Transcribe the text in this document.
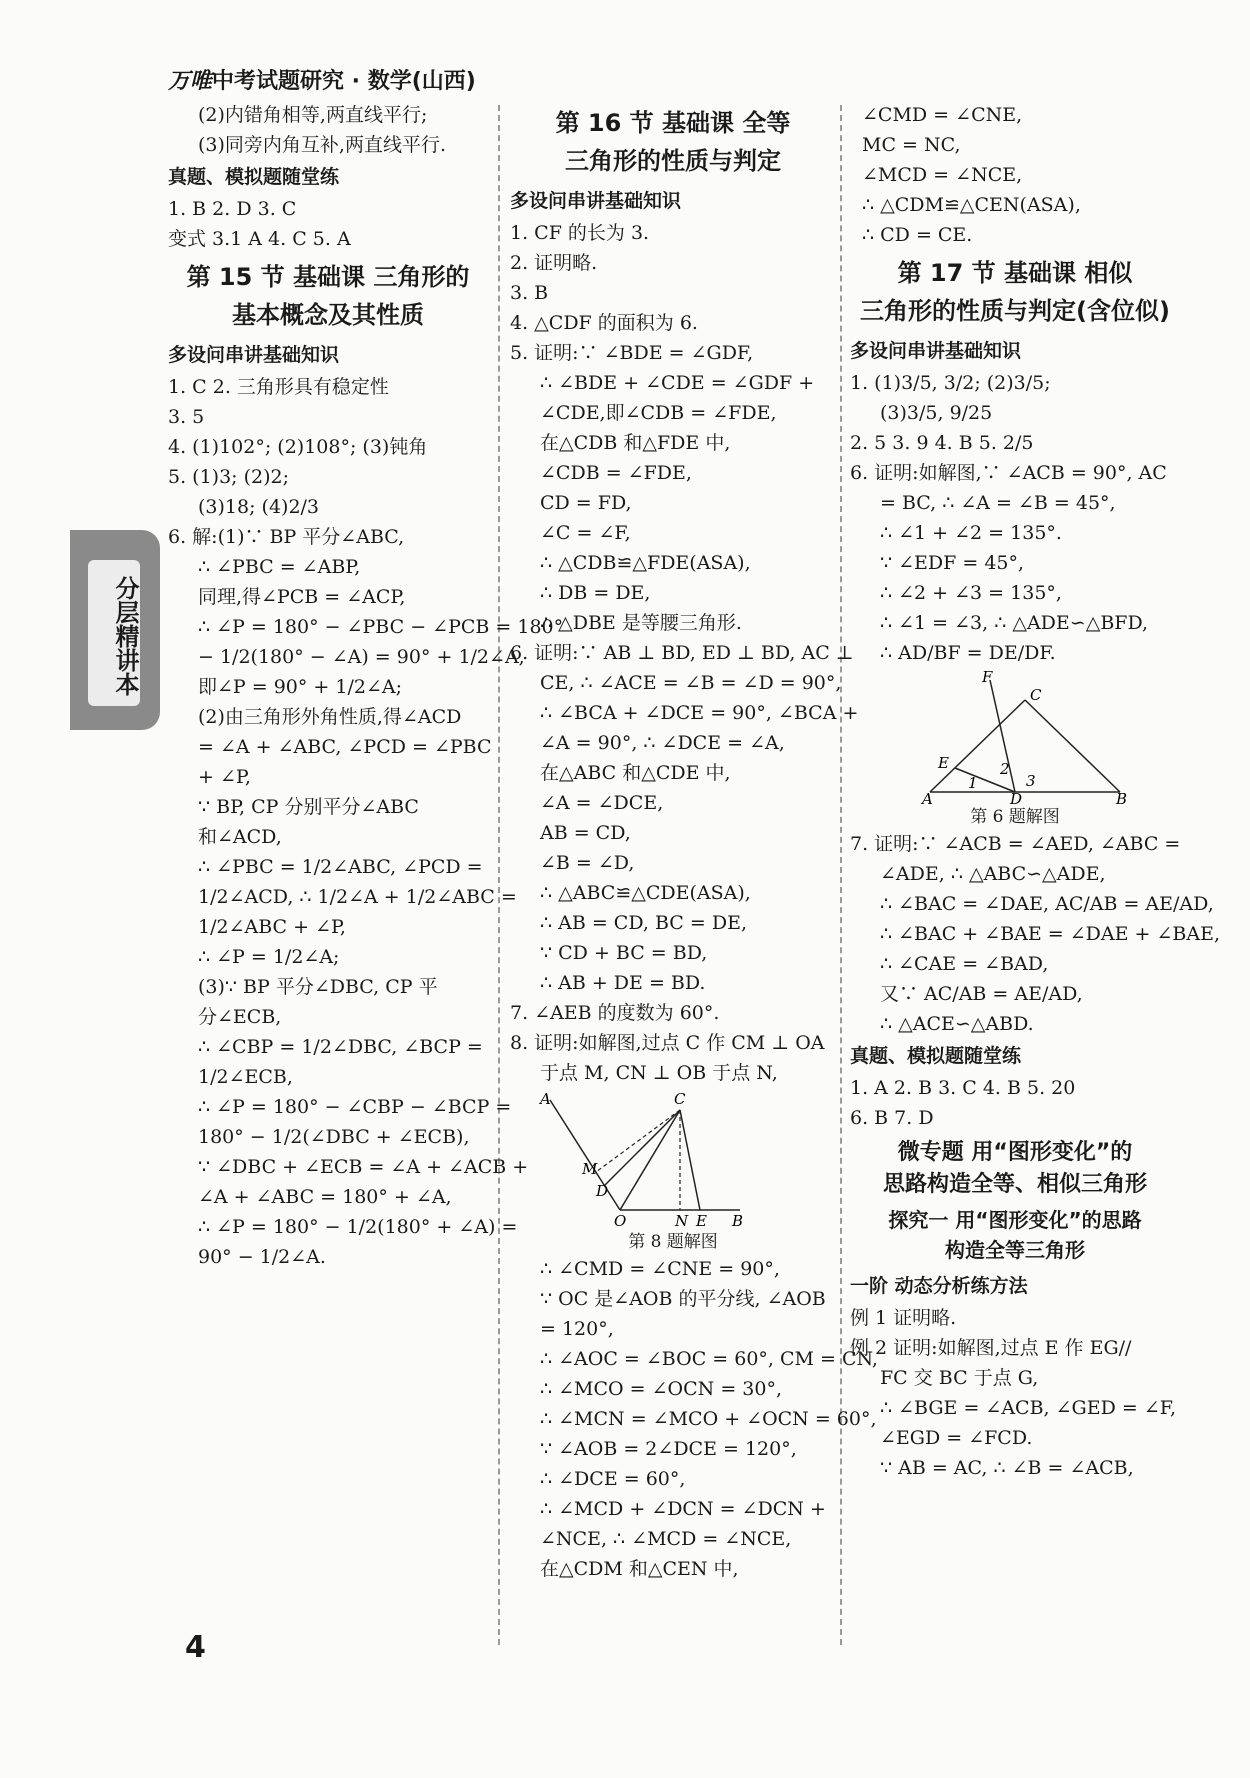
万唯中考试题研究 · 数学(山西)
分层精讲本
(2)内错角相等,两直线平行;
(3)同旁内角互补,两直线平行.
真题、模拟题随堂练
1. B 2. D 3. C
变式 3.1 A 4. C 5. A
第 15 节 基础课 三角形的
基本概念及其性质
多设问串讲基础知识
1. C 2. 三角形具有稳定性
3. 5
4. (1)102°; (2)108°; (3)钝角
5. (1)3; (2)2;
(3)18; (4)2/3
6. 解:(1)∵ BP 平分∠ABC,
∴ ∠PBC = ∠ABP,
同理,得∠PCB = ∠ACP,
∴ ∠P = 180° − ∠PBC − ∠PCB = 180°
− 1/2(180° − ∠A) = 90° + 1/2∠A,
即∠P = 90° + 1/2∠A;
(2)由三角形外角性质,得∠ACD
= ∠A + ∠ABC, ∠PCD = ∠PBC
+ ∠P,
∵ BP, CP 分别平分∠ABC
和∠ACD,
∴ ∠PBC = 1/2∠ABC, ∠PCD =
1/2∠ACD, ∴ 1/2∠A + 1/2∠ABC =
1/2∠ABC + ∠P,
∴ ∠P = 1/2∠A;
(3)∵ BP 平分∠DBC, CP 平
分∠ECB,
∴ ∠CBP = 1/2∠DBC, ∠BCP =
1/2∠ECB,
∴ ∠P = 180° − ∠CBP − ∠BCP =
180° − 1/2(∠DBC + ∠ECB),
∵ ∠DBC + ∠ECB = ∠A + ∠ACB +
∠A + ∠ABC = 180° + ∠A,
∴ ∠P = 180° − 1/2(180° + ∠A) =
90° − 1/2∠A.
第 16 节 基础课 全等
三角形的性质与判定
多设问串讲基础知识
1. CF 的长为 3.
2. 证明略.
3. B
4. △CDF 的面积为 6.
5. 证明:∵ ∠BDE = ∠GDF,
∴ ∠BDE + ∠CDE = ∠GDF +
∠CDE,即∠CDB = ∠FDE,
在△CDB 和△FDE 中,
∠CDB = ∠FDE,
CD = FD,
∠C = ∠F,
∴ △CDB≌△FDE(ASA),
∴ DB = DE,
∴ △DBE 是等腰三角形.
6. 证明:∵ AB ⊥ BD, ED ⊥ BD, AC ⊥
CE, ∴ ∠ACE = ∠B = ∠D = 90°,
∴ ∠BCA + ∠DCE = 90°, ∠BCA +
∠A = 90°, ∴ ∠DCE = ∠A,
在△ABC 和△CDE 中,
∠A = ∠DCE,
AB = CD,
∠B = ∠D,
∴ △ABC≌△CDE(ASA),
∴ AB = CD, BC = DE,
∵ CD + BC = BD,
∴ AB + DE = BD.
7. ∠AEB 的度数为 60°.
8. 证明:如解图,过点 C 作 CM ⊥ OA
于点 M, CN ⊥ OB 于点 N,
A	C
M
D
O	N E B
第 8 题解图
∴ ∠CMD = ∠CNE = 90°,
∵ OC 是∠AOB 的平分线, ∠AOB
= 120°,
∴ ∠AOC = ∠BOC = 60°, CM = CN,
∴ ∠MCO = ∠OCN = 30°,
∴ ∠MCN = ∠MCO + ∠OCN = 60°,
∵ ∠AOB = 2∠DCE = 120°,
∴ ∠DCE = 60°,
∴ ∠MCD + ∠DCN = ∠DCN +
∠NCE, ∴ ∠MCD = ∠NCE,
在△CDM 和△CEN 中,
∠CMD = ∠CNE,
MC = NC,
∠MCD = ∠NCE,
∴ △CDM≌△CEN(ASA),
∴ CD = CE.
第 17 节 基础课 相似
三角形的性质与判定(含位似)
多设问串讲基础知识
1. (1)3/5, 3/2; (2)3/5;
(3)3/5, 9/25
2. 5 3. 9 4. B 5. 2/5
6. 证明:如解图,∵ ∠ACB = 90°, AC
= BC, ∴ ∠A = ∠B = 45°,
∴ ∠1 + ∠2 = 135°.
∵ ∠EDF = 45°,
∴ ∠2 + ∠3 = 135°,
∴ ∠1 = ∠3, ∴ △ADE∽△BFD,
∴ AD/BF = DE/DF.
F
C
E
1
2
3
A	D	B
第 6 题解图
7. 证明:∵ ∠ACB = ∠AED, ∠ABC =
∠ADE, ∴ △ABC∽△ADE,
∴ ∠BAC = ∠DAE, AC/AB = AE/AD,
∴ ∠BAC + ∠BAE = ∠DAE + ∠BAE,
∴ ∠CAE = ∠BAD,
又∵ AC/AB = AE/AD,
∴ △ACE∽△ABD.
真题、模拟题随堂练
1. A 2. B 3. C 4. B 5. 20
6. B 7. D
微专题 用“图形变化”的
思路构造全等、相似三角形
探究一 用“图形变化”的思路
构造全等三角形
一阶 动态分析练方法
例 1 证明略.
例 2 证明:如解图,过点 E 作 EG//
FC 交 BC 于点 G,
∴ ∠BGE = ∠ACB, ∠GED = ∠F,
∠EGD = ∠FCD.
∵ AB = AC, ∴ ∠B = ∠ACB,
4
